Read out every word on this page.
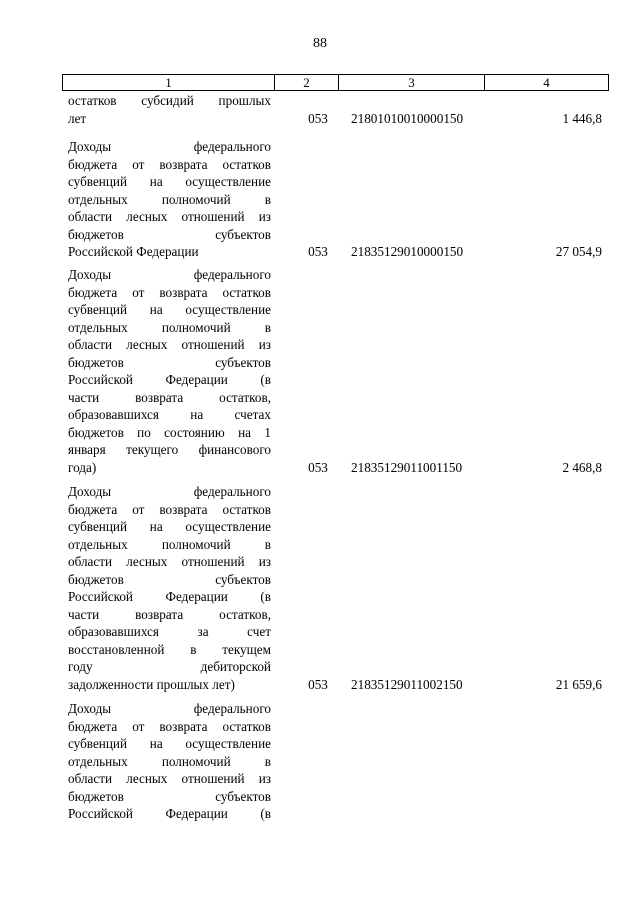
88
1	2	3	4
остатков субсидий прошлых
лет	053	21801010010000150	1 446,8
Доходы федерального
бюджета от возврата остатков
субвенций на осуществление
отдельных полномочий в
области лесных отношений из
бюджетов субъектов
Российской Федерации	053	21835129010000150	27 054,9
Доходы федерального
бюджета от возврата остатков
субвенций на осуществление
отдельных полномочий в
области лесных отношений из
бюджетов субъектов
Российской Федерации (в
части возврата остатков,
образовавшихся на счетах
бюджетов по состоянию на 1
января текущего финансового
года)	053	21835129011001150	2 468,8
Доходы федерального
бюджета от возврата остатков
субвенций на осуществление
отдельных полномочий в
области лесных отношений из
бюджетов субъектов
Российской Федерации (в
части возврата остатков,
образовавшихся за счет
восстановленной в текущем
году дебиторской
задолженности прошлых лет)	053	21835129011002150	21 659,6
Доходы федерального
бюджета от возврата остатков
субвенций на осуществление
отдельных полномочий в
области лесных отношений из
бюджетов субъектов
Российской Федерации (в
